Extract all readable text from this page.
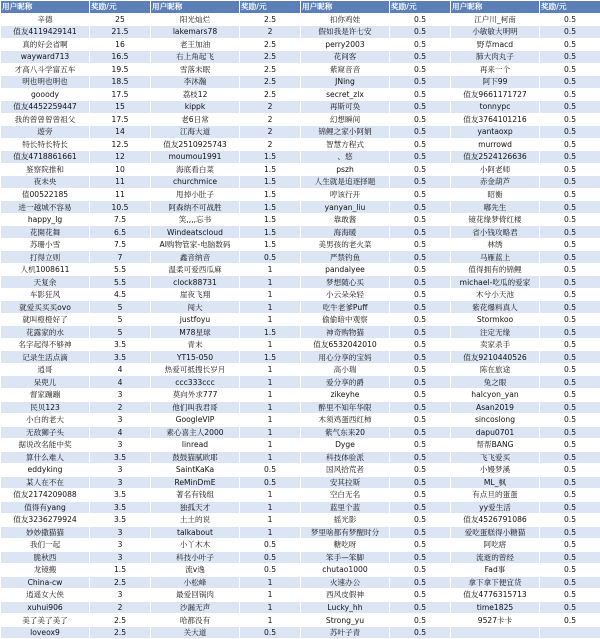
用户昵称	奖励/元	用户昵称	奖励/元	用户昵称	奖励/元	用户昵称	奖励/元
辛德	25	阳光灿烂	2.5	扣你鸡娃	0.5	江户川_柯南	0.5
值友4119429141	21.5	lakemars78	2	假如我是许七安	0.5	小敏敏大明明	0.5
真的好会省啊	16	老王加油	2.5	perry2003	0.5	野草macd	0.5
wayward713	16.5	右上角起飞	2.5	花间客	0.5	肺大肉丸子	0.5
才高八斗学富五车	19.5	雪落未眠	2.5	紫窥音音	0.5	再来一个	0.5
明也明也明也	18.5	李沐瀚	2.5	JNing	0.5	阿下99	0.5
gooody	17.5	荔枝12	2.5	secret_zlx	0.5	值友9661171727	0.5
值友4452259447	15	kippk	2	再斯可奂	0.5	tonnypc	0.5
我的曾曾曾曾祖父	17.5	老6日常	2	幻想瞬间	0.5	值友3764101216	0.5
遊旁	14	江海大道	2	锦鲤之家小阿娟	0.5	yantaoxp	0.5
特长特长特长	12.5	值友2510925743	2	智慧方程式	0.5	murrowd	0.5
值友4718861661	12	moumou1991	1.5	、悠	0.5	值友2524126636	0.5
鉴察院推和	10	海底看白菜	1.5	pszh	0.5	小阿老师	0.5
夜未央	11	churchmice	1.5	人生就是追逐择题	0.5	赤金葫芦	0.5
值00522185	11	甩掉小肚子	1.5	哼该行开	0.5	昭衡	0.5
进一越城不容易	10.5	阿森纳不可战胜	1.5	yanyan_liu	0.5	嘟先生	0.5
happy_lg	7.5	笑,,,,忘书	1.5	靠敢酱	0.5	镜花缘梦倚红楼	0.5
花開花舞	6.5	Windeatscloud	1.5	海海暖	0.5	省小钱攻略君	0.5
苏珊小雪	7.5	AI购物管家-电脑数码	1.5	美男孩的老火菜	0.5	林绣	0.5
打得立则	7	鑫音纳音	0.5	严禁钓鱼	0.5	马雁蓝上	0.5
人机1008611	5.5	温柔可爱西瓜麻	1	pandalyee	0.5	值得拥有的锦鲤	0.5
天复余	5.5	clock88731	1	梦想随心买	0.5	michael-吃瓜的爱家	0.5
车影狂风	4.5	崖夜飞翔	1	小云朵朵轻	0.5	木兮小天池	0.5
就爱买买买ovo	5	闯大	1	吃牛老爹Puff	0.5	紫花爆料真人	0.5
就叫橙橙好了	5	justfoyu	1	偷偷暗中观察	0.5	Stormkoo	0.5
花露家的水	5	M78星球	1.5	神奇购物猫	0.5	注定无缘	0.5
名字起得不够神	3.5	青末	1	值友6532042010	0.5	卖家杀手	0.5
记录生活点滴	3.5	YT15-050	1.5	用心分享的宝妈	0.5	值友9210440526	0.5
逍哥	4	热爱可抵搜长岁月	1	高小瑞	0.5	陈在旅途	0.5
呆兜儿	4	ccc333ccc	1	爱分享的爵	0.5	兔之眼	0.5
督家蹦蹦	3	莫向外求777	1	zikeyhe	0.5	halcyon_yan	0.5
民贝123	2	他们叫我君哥	1	醉里不知年华限	0.5	Asan2019	0.5
小白的老大	3	GoogleVIP	1	木须鸡蛋西红柿	0.5	sincoslong	0.5
无敌狮子头	4	素心喜主人2000	1	紫气东来20	0.5	dapu0701	0.5
据说改名能中奖	3	linread	1	Dyge	0.5	帮帮BANG	0.5
算什么难人	3.5	鼓鼓猫腻欧耶	1	科技体验派	0.5	飞飞爱买	0.5
eddyking	3	SaintKaKa	0.5	国风拾荒者	0.5	小嫚梦溪	0.5
某人在不在	3	ReMinDmE	0.5	安其拉斯	0.5	ML_枫	0.5
值友2174209088	3.5	著名有钱组	1	空白无名	0.5	有点旦的蛋蛋	0.5
值得有yang	3.5	独孤天才	1	蓝里个蓝	0.5	yy爱生活	0.5
值友3236279924	3.5	土土的说	1	摇光影	0.5	值友4526791086	0.5
妙妙撒猫猫	3	talkabout	1	梦里啥都有梦醒时分	0.5	爱吃蛋糕得小糖猫	0.5
我们一起	3	小丫木木	0.5	糖吃呀	0.5	阿吃瘩	0.5
脆秋西	3	科技小叶子	0.5	笨手—笨脚	0.5	流逝的曾经	0.5
龙镜搬	1.5	流v逸	0.5	chutao1000	0.5	Fad事	0.5
China-cw	2.5	小松峰	1	火速办公	0.5	拿下拿下便宜货	0.5
逍遥女大侠	3	最爱回锅肉	1	西风皮假神	0.5	值友4776315713	0.5
xuhui906	2	沙漏无声	1	Lucky_hh	0.5	time1825	0.5
美了美了美了	2.5	哈都没有	1	Strong_yu	0.5	9527卡卡	0.5
loveox9	2.5	关大道	0.5	苏叶子青	0.5		
